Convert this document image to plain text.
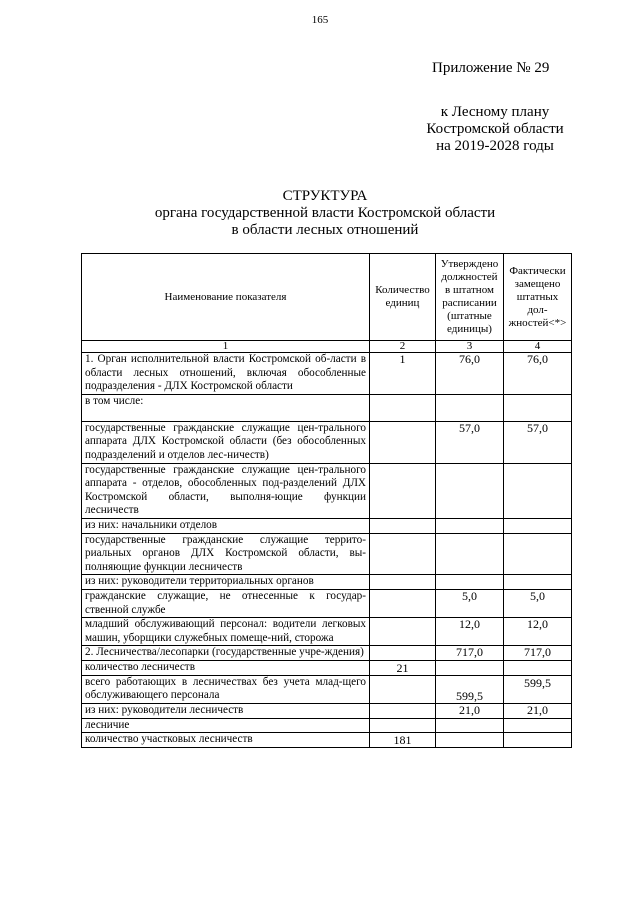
165
Приложение № 29
к Лесному плану
Костромской области
на 2019-2028 годы
СТРУКТУРА
органа государственной власти Костромской области
в области лесных отношений
Наименование показателя	Количество единиц	Утверждено должностей в штатном расписании (штатные единицы)	Фактически замещено штатных дол-жностей<*>
1	2	3	4
1. Орган исполнительной власти Костромской об-ласти в области лесных отношений, включая обособленные подразделения - ДЛХ Костромской области	1	76,0	76,0
в том числе:			
государственные гражданские служащие цен-трального аппарата ДЛХ Костромской области (без обособленных подразделений и отделов лес-ничеств)		57,0	57,0
государственные гражданские служащие цен-трального аппарата - отделов, обособленных под-разделений ДЛХ Костромской области, выполня-ющие функции лесничеств			
из них: начальники отделов			
государственные гражданские служащие террито-риальных органов ДЛХ Костромской области, вы-полняющие функции лесничеств			
из них: руководители территориальных органов			
гражданские служащие, не отнесенные к государ-ственной службе		5,0	5,0
младший обслуживающий персонал: водители легковых машин, уборщики служебных помеще-ний, сторожа		12,0	12,0
2. Лесничества/лесопарки (государственные учре-ждения)		717,0	717,0
количество лесничеств	21		
всего работающих в лесничествах без учета млад-щего обслуживающего персонала		599,5	599,5
из них: руководители лесничеств		21,0	21,0
лесничие			
количество участковых лесничеств	181		
